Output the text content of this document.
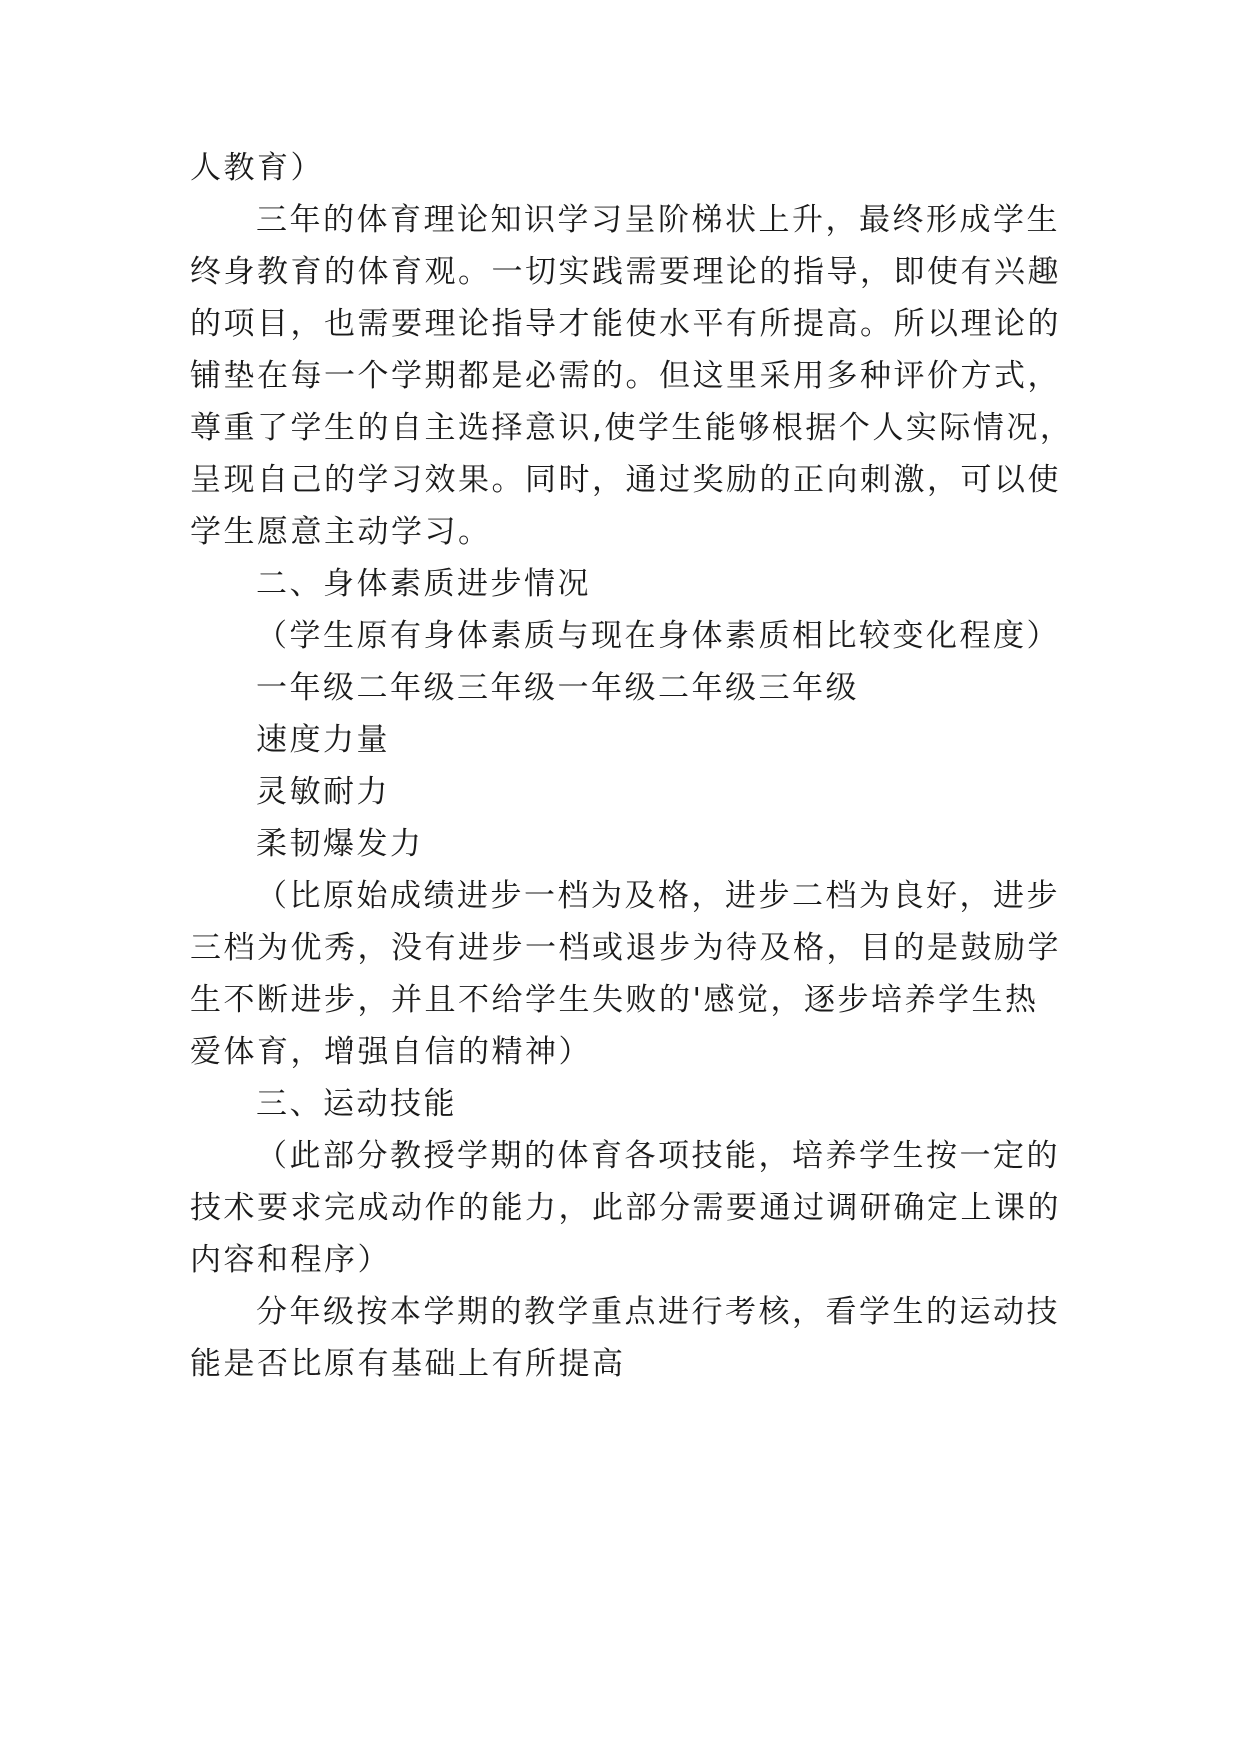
人教育）
三年的体育理论知识学习呈阶梯状上升，最终形成学生
终身教育的体育观。一切实践需要理论的指导，即使有兴趣
的项目，也需要理论指导才能使水平有所提高。所以理论的
铺垫在每一个学期都是必需的。但这里采用多种评价方式，
尊重了学生的自主选择意识,使学生能够根据个人实际情况，
呈现自己的学习效果。同时，通过奖励的正向刺激，可以使
学生愿意主动学习。
二、身体素质进步情况
（学生原有身体素质与现在身体素质相比较变化程度）
一年级二年级三年级一年级二年级三年级
速度力量
灵敏耐力
柔韧爆发力
（比原始成绩进步一档为及格，进步二档为良好，进步
三档为优秀，没有进步一档或退步为待及格，目的是鼓励学
生不断进步，并且不给学生失败的'感觉，逐步培养学生热
爱体育，增强自信的精神）
三、运动技能
（此部分教授学期的体育各项技能，培养学生按一定的
技术要求完成动作的能力，此部分需要通过调研确定上课的
内容和程序）
分年级按本学期的教学重点进行考核，看学生的运动技
能是否比原有基础上有所提高
